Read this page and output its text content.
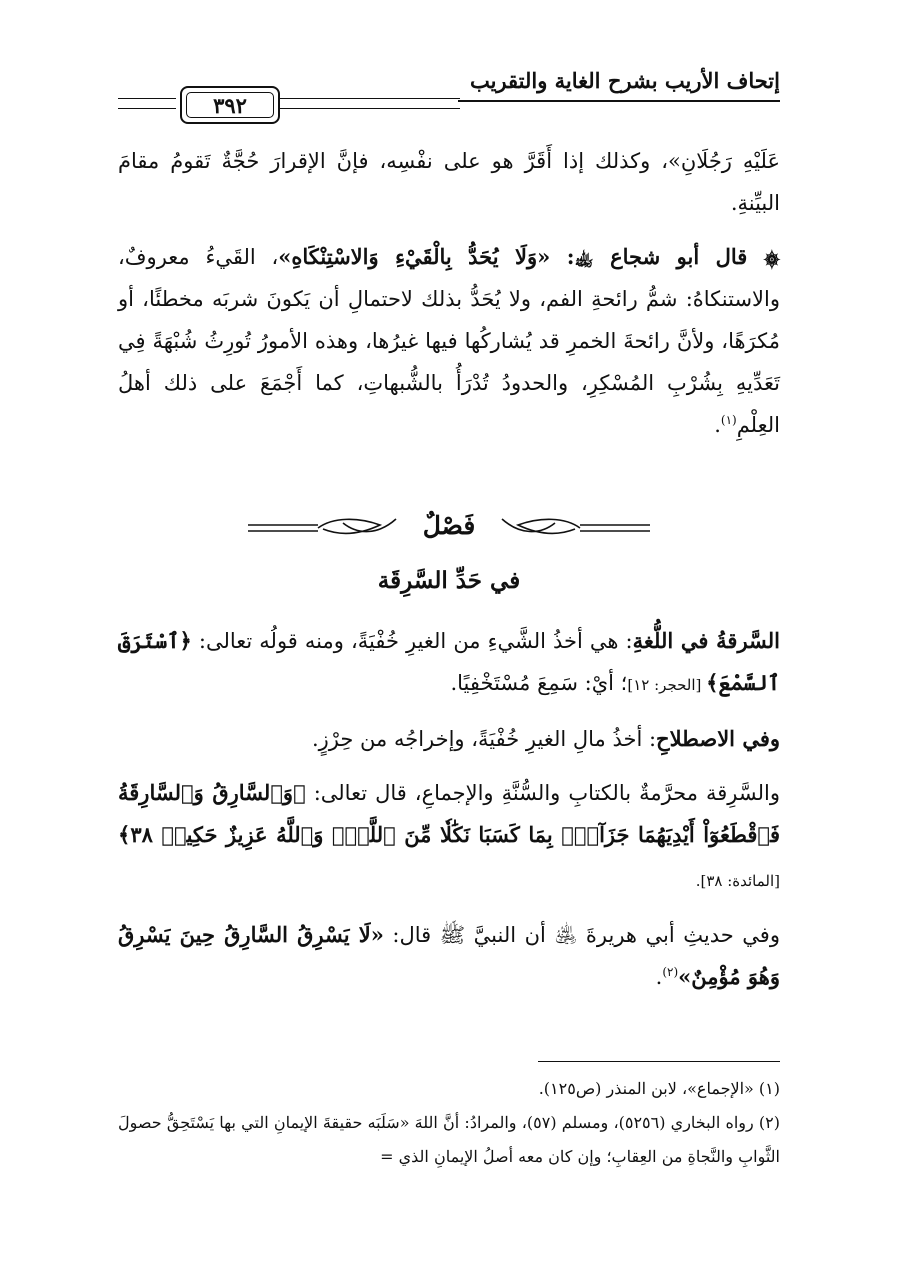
إتحاف الأريب بشرح الغاية والتقريب
٣٩٢

عَلَيْهِ رَجُلَانِ»، وكذلك إذا أَقَرَّ هو على نفْسِه، فإنَّ الإقرارَ حُجَّةٌ تَقومُ مقامَ البيِّنةِ.

۞ قال أبو شجاع ﵀: «وَلَا يُحَدُّ بِالْقَيْءِ وَالاسْتِنْكَاهِ»، القَيءُ معروفٌ، والاستنكاهُ: شمُّ رائحةِ الفم، ولا يُحَدُّ بذلك لاحتمالِ أن يَكونَ شربَه مخطئًا، أو مُكرَهًا، ولأنَّ رائحةَ الخمرِ قد يُشاركُها فيها غيرُها، وهذه الأمورُ تُورِثُ شُبْهَةً فِي تَعَدِّيهِ بِشُرْبِ المُسْكِرِ، والحدودُ تُدْرَأُ بالشُّبهاتِ، كما أَجْمَعَ على ذلك أهلُ العِلْمِ$^{(١)}$.

فَصْلٌ
في حَدِّ السَّرِقَة

السَّرقةُ في اللُّغةِ: هي أخذُ الشَّيءِ من الغيرِ خُفْيَةً، ومنه قولُه تعالى: ﴿ٱسْتَرَقَ ٱلسَّمْعَ﴾ [الحجر: ١٢]؛ أيْ: سَمِعَ مُسْتَخْفِيًا.

وفي الاصطلاحِ: أخذُ مالِ الغيرِ خُفْيَةً، وإخراجُه من حِرْزٍ.

والسَّرِقة محرَّمةٌ بالكتابِ والسُّنَّةِ والإجماعِ، قال تعالى: ﴿وَٱلسَّارِقُ وَٱلسَّارِقَةُ فَٱقْطَعُوٓاْ أَيْدِيَهُمَا جَزَآءَۢ بِمَا كَسَبَا نَكَٰلٗا مِّنَ ٱللَّهِۗ وَٱللَّهُ عَزِيزٌ حَكِيمٞ ٣٨﴾ [المائدة: ٣٨].

وفي حديثِ أبي هريرةَ ﵁ أن النبيَّ ﷺ قال: «لَا يَسْرِقُ السَّارِقُ حِينَ يَسْرِقُ وَهُوَ مُؤْمِنٌ»$^{(٢)}$.

(١) «الإجماع»، لابن المنذر (ص١٢٥).

(٢) رواه البخاري (٥٢٥٦)، ومسلم (٥٧)، والمرادُ: أنَّ اللهَ «سَلَبَه حقيقةَ الإيمانِ التي بها يَسْتَحِقُّ حصولَ الثَّوابِ والنَّجاةِ من العِقابِ؛ وإن كان معه أصلُ الإيمانِ الذي =
